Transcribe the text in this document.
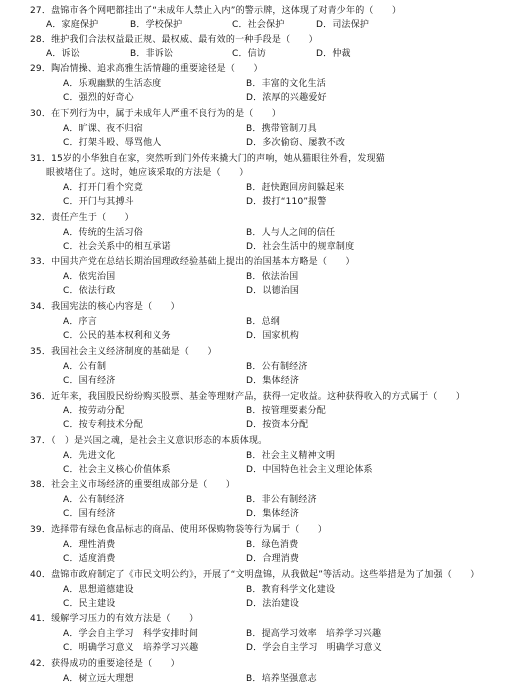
27．盘锦市各个网吧都挂出了“未成年人禁止入内”的警示牌，这体现了对青少年的（　　）
A．家庭保护	B．学校保护	C．社会保护	D．司法保护
28．维护我们合法权益最正规、最权威、最有效的一种手段是（　　）
A．诉讼	B．非诉讼	C．信访	D．仲裁
29．陶冶情操、追求高雅生活情趣的重要途径是（　　）
A．乐观幽默的生活态度	B．丰富的文化生活
C．强烈的好奇心	D．浓厚的兴趣爱好
30．在下列行为中，属于未成年人严重不良行为的是（　　）
A．旷课、夜不归宿	B．携带管制刀具
C．打架斗殴、辱骂他人	D．多次偷窃、屡教不改
31．15岁的小华独自在家，突然听到门外传来撬大门的声响，她从猫眼往外看，发现猫
眼被堵住了。这时，她应该采取的方法是（　　）
A．打开门看个究竟	B．赶快跑回房间躲起来
C．开门与其搏斗	D．拨打“110”报警
32．责任产生于（　　）
A．传统的生活习俗	B．人与人之间的信任
C．社会关系中的相互承诺	D．社会生活中的规章制度
33．中国共产党在总结长期治国理政经验基础上提出的治国基本方略是（　　）
A．依宪治国	B．依法治国
C．依法行政	D．以德治国
34．我国宪法的核心内容是（　　）
A．序言	B．总纲
C．公民的基本权利和义务	D．国家机构
35．我国社会主义经济制度的基础是（　　）
A．公有制	B．公有制经济
C．国有经济	D．集体经济
36．近年来，我国股民纷纷购买股票、基金等理财产品，获得一定收益。这种获得收入的方式属于（　　）
A．按劳动分配	B．按管理要素分配
C．按专利技术分配	D．按资本分配
37．（　）是兴国之魂，是社会主义意识形态的本质体现。
A．先进文化	B．社会主义精神文明
C．社会主义核心价值体系	D．中国特色社会主义理论体系
38．社会主义市场经济的重要组成部分是（　　）
A．公有制经济	B．非公有制经济
C．国有经济	D．集体经济
39．选择带有绿色食品标志的商品、使用环保购物袋等行为属于（　　）
A．理性消费	B．绿色消费
C．适度消费	D．合理消费
40．盘锦市政府制定了《市民文明公约》，开展了“文明盘锦，从我做起”等活动。这些举措是为了加强（　　）
A．思想道德建设	B．教育科学文化建设
C．民主建设	D．法治建设
41．缓解学习压力的有效方法是（　　）
A．学会自主学习　科学安排时间	B．提高学习效率　培养学习兴趣
C．明确学习意义　培养学习兴趣	D．学会自主学习　明确学习意义
42．获得成功的重要途径是（　　）
A．树立远大理想	B．培养坚强意志
